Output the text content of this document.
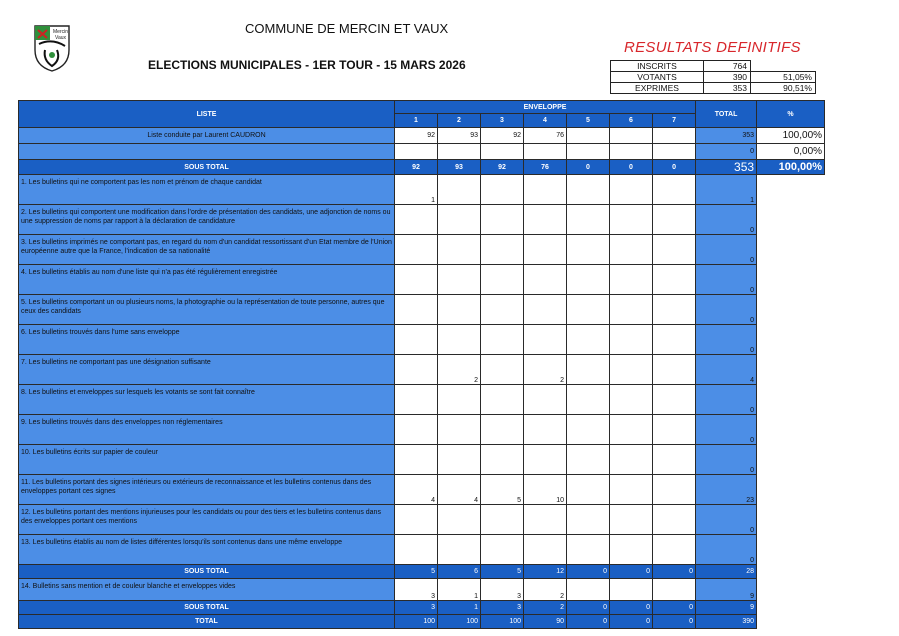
COMMUNE DE MERCIN ET VAUX
ELECTIONS MUNICIPALES - 1ER TOUR - 15 MARS 2026
RESULTATS DEFINITIFS
Mercin
Vaux
INSCRITS	764	
VOTANTS	390	51,05%
EXPRIMES	353	90,51%
LISTE	ENVELOPPE							TOTAL	%
	1	2	3	4	5	6	7		
Liste conduite par Laurent CAUDRON	92	93	92	76				353	100,00%
								0	0,00%
SOUS TOTAL	92	93	92	76	0	0	0	353	100,00%
1. Les bulletins qui ne comportent pas les nom et prénom de chaque candidat	1							1	
2. Les bulletins qui comportent une modification dans l'ordre de présentation des candidats, une adjonction de noms ou une suppression de noms par rapport à la déclaration de candidature								0	
3. Les bulletins imprimés ne comportant pas, en regard du nom d'un candidat ressortissant d'un Etat membre de l'Union européenne autre que la France, l'indication de sa nationalité								0	
4. Les bulletins établis au nom d'une liste qui n'a pas été régulièrement enregistrée								0	
5. Les bulletins comportant un ou plusieurs noms, la photographie ou la représentation de toute personne, autres que ceux des candidats								0	
6. Les bulletins trouvés dans l'urne sans enveloppe								0	
7. Les bulletins ne comportant pas une désignation suffisante		2		2				4	
8. Les bulletins et enveloppes sur lesquels les votants se sont fait connaître								0	
9. Les bulletins trouvés dans des enveloppes non réglementaires								0	
10. Les bulletins écrits sur papier de couleur								0	
11. Les bulletins portant des signes intérieurs ou extérieurs de reconnaissance et les bulletins contenus dans des enveloppes portant ces signes	4	4	5	10				23	
12. Les bulletins portant des mentions injurieuses pour les candidats ou pour des tiers et les bulletins contenus dans des enveloppes portant ces mentions								0	
13. Les bulletins établis au nom de listes différentes lorsqu'ils sont contenus dans une même enveloppe								0	
SOUS TOTAL	5	6	5	12	0	0	0	28	
14. Bulletins sans mention et de couleur blanche et enveloppes vides	3	1	3	2				9	
SOUS TOTAL	3	1	3	2	0	0	0	9	
TOTAL	100	100	100	90	0	0	0	390	
